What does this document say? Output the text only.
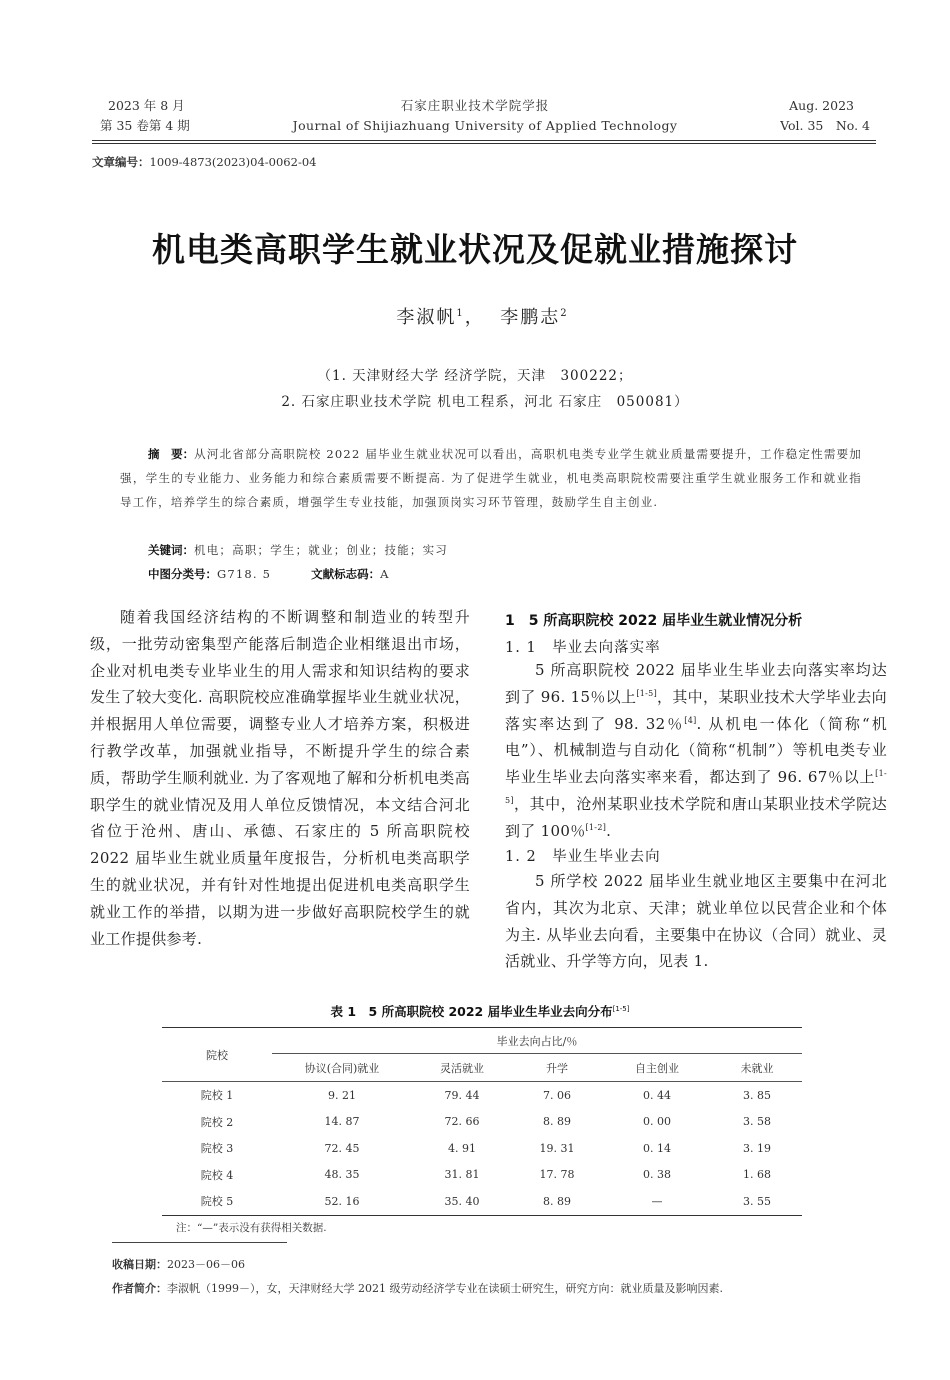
2023 年 8 月
第 35 卷第 4 期
石家庄职业技术学院学报
Journal of Shijiazhuang University of Applied Technology
Aug. 2023
Vol. 35　No. 4
文章编号：1009-4873(2023)04-0062-04
机电类高职学生就业状况及促就业措施探讨
李淑帆$^1$， 李鹏志$^2$
（1. 天津财经大学 经济学院，天津　300222；
2. 石家庄职业技术学院 机电工程系，河北 石家庄　050081）
摘　要：从河北省部分高职院校 2022 届毕业生就业状况可以看出，高职机电类专业学生就业质量需要提升，工作稳定性需要加强，学生的专业能力、业务能力和综合素质需要不断提高. 为了促进学生就业，机电类高职院校需要注重学生就业服务工作和就业指导工作，培养学生的综合素质，增强学生专业技能，加强顶岗实习环节管理，鼓励学生自主创业.
关键词：机电；高职；学生；就业；创业；技能；实习
中图分类号：G718. 5	文献标志码：A
随着我国经济结构的不断调整和制造业的转型升级，一批劳动密集型产能落后制造企业相继退出市场，企业对机电类专业毕业生的用人需求和知识结构的要求发生了较大变化. 高职院校应准确掌握毕业生就业状况，并根据用人单位需要，调整专业人才培养方案，积极进行教学改革，加强就业指导，不断提升学生的综合素质，帮助学生顺利就业. 为了客观地了解和分析机电类高职学生的就业情况及用人单位反馈情况，本文结合河北省位于沧州、唐山、承德、石家庄的 5 所高职院校 2022 届毕业生就业质量年度报告，分析机电类高职学生的就业状况，并有针对性地提出促进机电类高职学生就业工作的举措，以期为进一步做好高职院校学生的就业工作提供参考.
1　5 所高职院校 2022 届毕业生就业情况分析
1. 1　毕业去向落实率
5 所高职院校 2022 届毕业生毕业去向落实率均达到了 96. 15％以上[1-5]，其中，某职业技术大学毕业去向落实率达到了 98. 32％[4]. 从机电一体化（简称“机电”）、机械制造与自动化（简称“机制”）等机电类专业毕业生毕业去向落实率来看，都达到了 96. 67％以上[1-5]，其中，沧州某职业技术学院和唐山某职业技术学院达到了 100％[1-2].
1. 2　毕业生毕业去向
5 所学校 2022 届毕业生就业地区主要集中在河北省内，其次为北京、天津；就业单位以民营企业和个体为主. 从毕业去向看，主要集中在协议（合同）就业、灵活就业、升学等方向，见表 1.
表 1　5 所高职院校 2022 届毕业生毕业去向分布[1-5]
院校	毕业去向占比/％				

	协议(合同)就业	灵活就业	升学	自主创业	未就业
院校 1	9. 21	79. 44	7. 06	0. 44	3. 85
院校 2	14. 87	72. 66	8. 89	0. 00	3. 58
院校 3	72. 45	4. 91	19. 31	0. 14	3. 19
院校 4	48. 35	31. 81	17. 78	0. 38	1. 68
院校 5	52. 16	35. 40	8. 89	—	3. 55
注：“—”表示没有获得相关数据.
收稿日期：2023－06－06
作者简介：李淑帆（1999－），女，天津财经大学 2021 级劳动经济学专业在读硕士研究生，研究方向：就业质量及影响因素.
